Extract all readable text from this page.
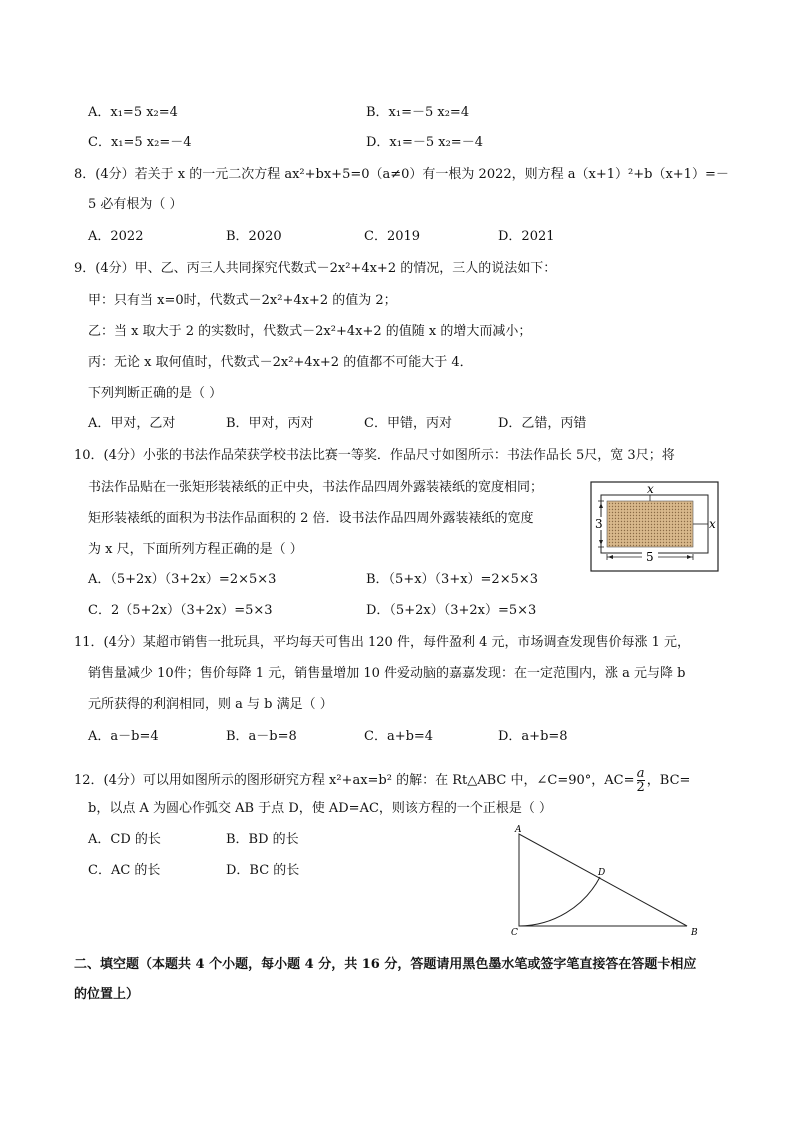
A．x₁=5 x₂=4	B．x₁=－5 x₂=4
C．x₁=5 x₂=－4	D．x₁=－5 x₂=－4
8．(4分）若关于 x 的一元二次方程 ax²+bx+5=0（a≠0）有一根为 2022，则方程 a（x+1）²+b（x+1）=－
5 必有根为（ ）
A．2022	B．2020	C．2019	D．2021
9．(4分）甲、乙、丙三人共同探究代数式－2x²+4x+2 的情况，三人的说法如下：
甲：只有当 x=0时，代数式－2x²+4x+2 的值为 2；
乙：当 x 取大于 2 的实数时，代数式－2x²+4x+2 的值随 x 的增大而减小；
丙：无论 x 取何值时，代数式－2x²+4x+2 的值都不可能大于 4．
下列判断正确的是（ ）
A．甲对，乙对	B．甲对，丙对	C．甲错，丙对	D．乙错，丙错
10．(4分）小张的书法作品荣获学校书法比赛一等奖．作品尺寸如图所示：书法作品长 5尺，宽 3尺；将
书法作品贴在一张矩形装裱纸的正中央，书法作品四周外露装裱纸的宽度相同；
矩形装裱纸的面积为书法作品面积的 2 倍．设书法作品四周外露装裱纸的宽度
为 x 尺，下面所列方程正确的是（ ）
A．（5+2x）（3+2x）=2×5×3	B．（5+x）（3+x）=2×5×3
C．2（5+2x）（3+2x）=5×3	D．（5+2x）（3+2x）=5×3
x
x
3
5
11．(4分）某超市销售一批玩具，平均每天可售出 120 件，每件盈利 4 元，市场调查发现售价每涨 1 元，
销售量减少 10件；售价每降 1 元，销售量增加 10 件爱动脑的嘉嘉发现：在一定范围内，涨 a 元与降 b
元所获得的利润相同，则 a 与 b 满足（ ）
A．a－b=4	B．a－b=8	C．a+b=4	D．a+b=8
12．(4分）可以用如图所示的图形研究方程 x²+ax=b² 的解：在 Rt△ABC 中，∠C=90°，$AC= \frac{a}{2}$ ，BC=
b，以点 A 为圆心作弧交 AB 于点 D，使 AD=AC，则该方程的一个正根是（ ）
A．CD 的长	B．BD 的长
C．AC 的长	D．BC 的长
A
B
C
D
二、填空题（本题共 4 个小题，每小题 4 分，共 16 分，答题请用黑色墨水笔或签字笔直接答在答题卡相应
的位置上）
